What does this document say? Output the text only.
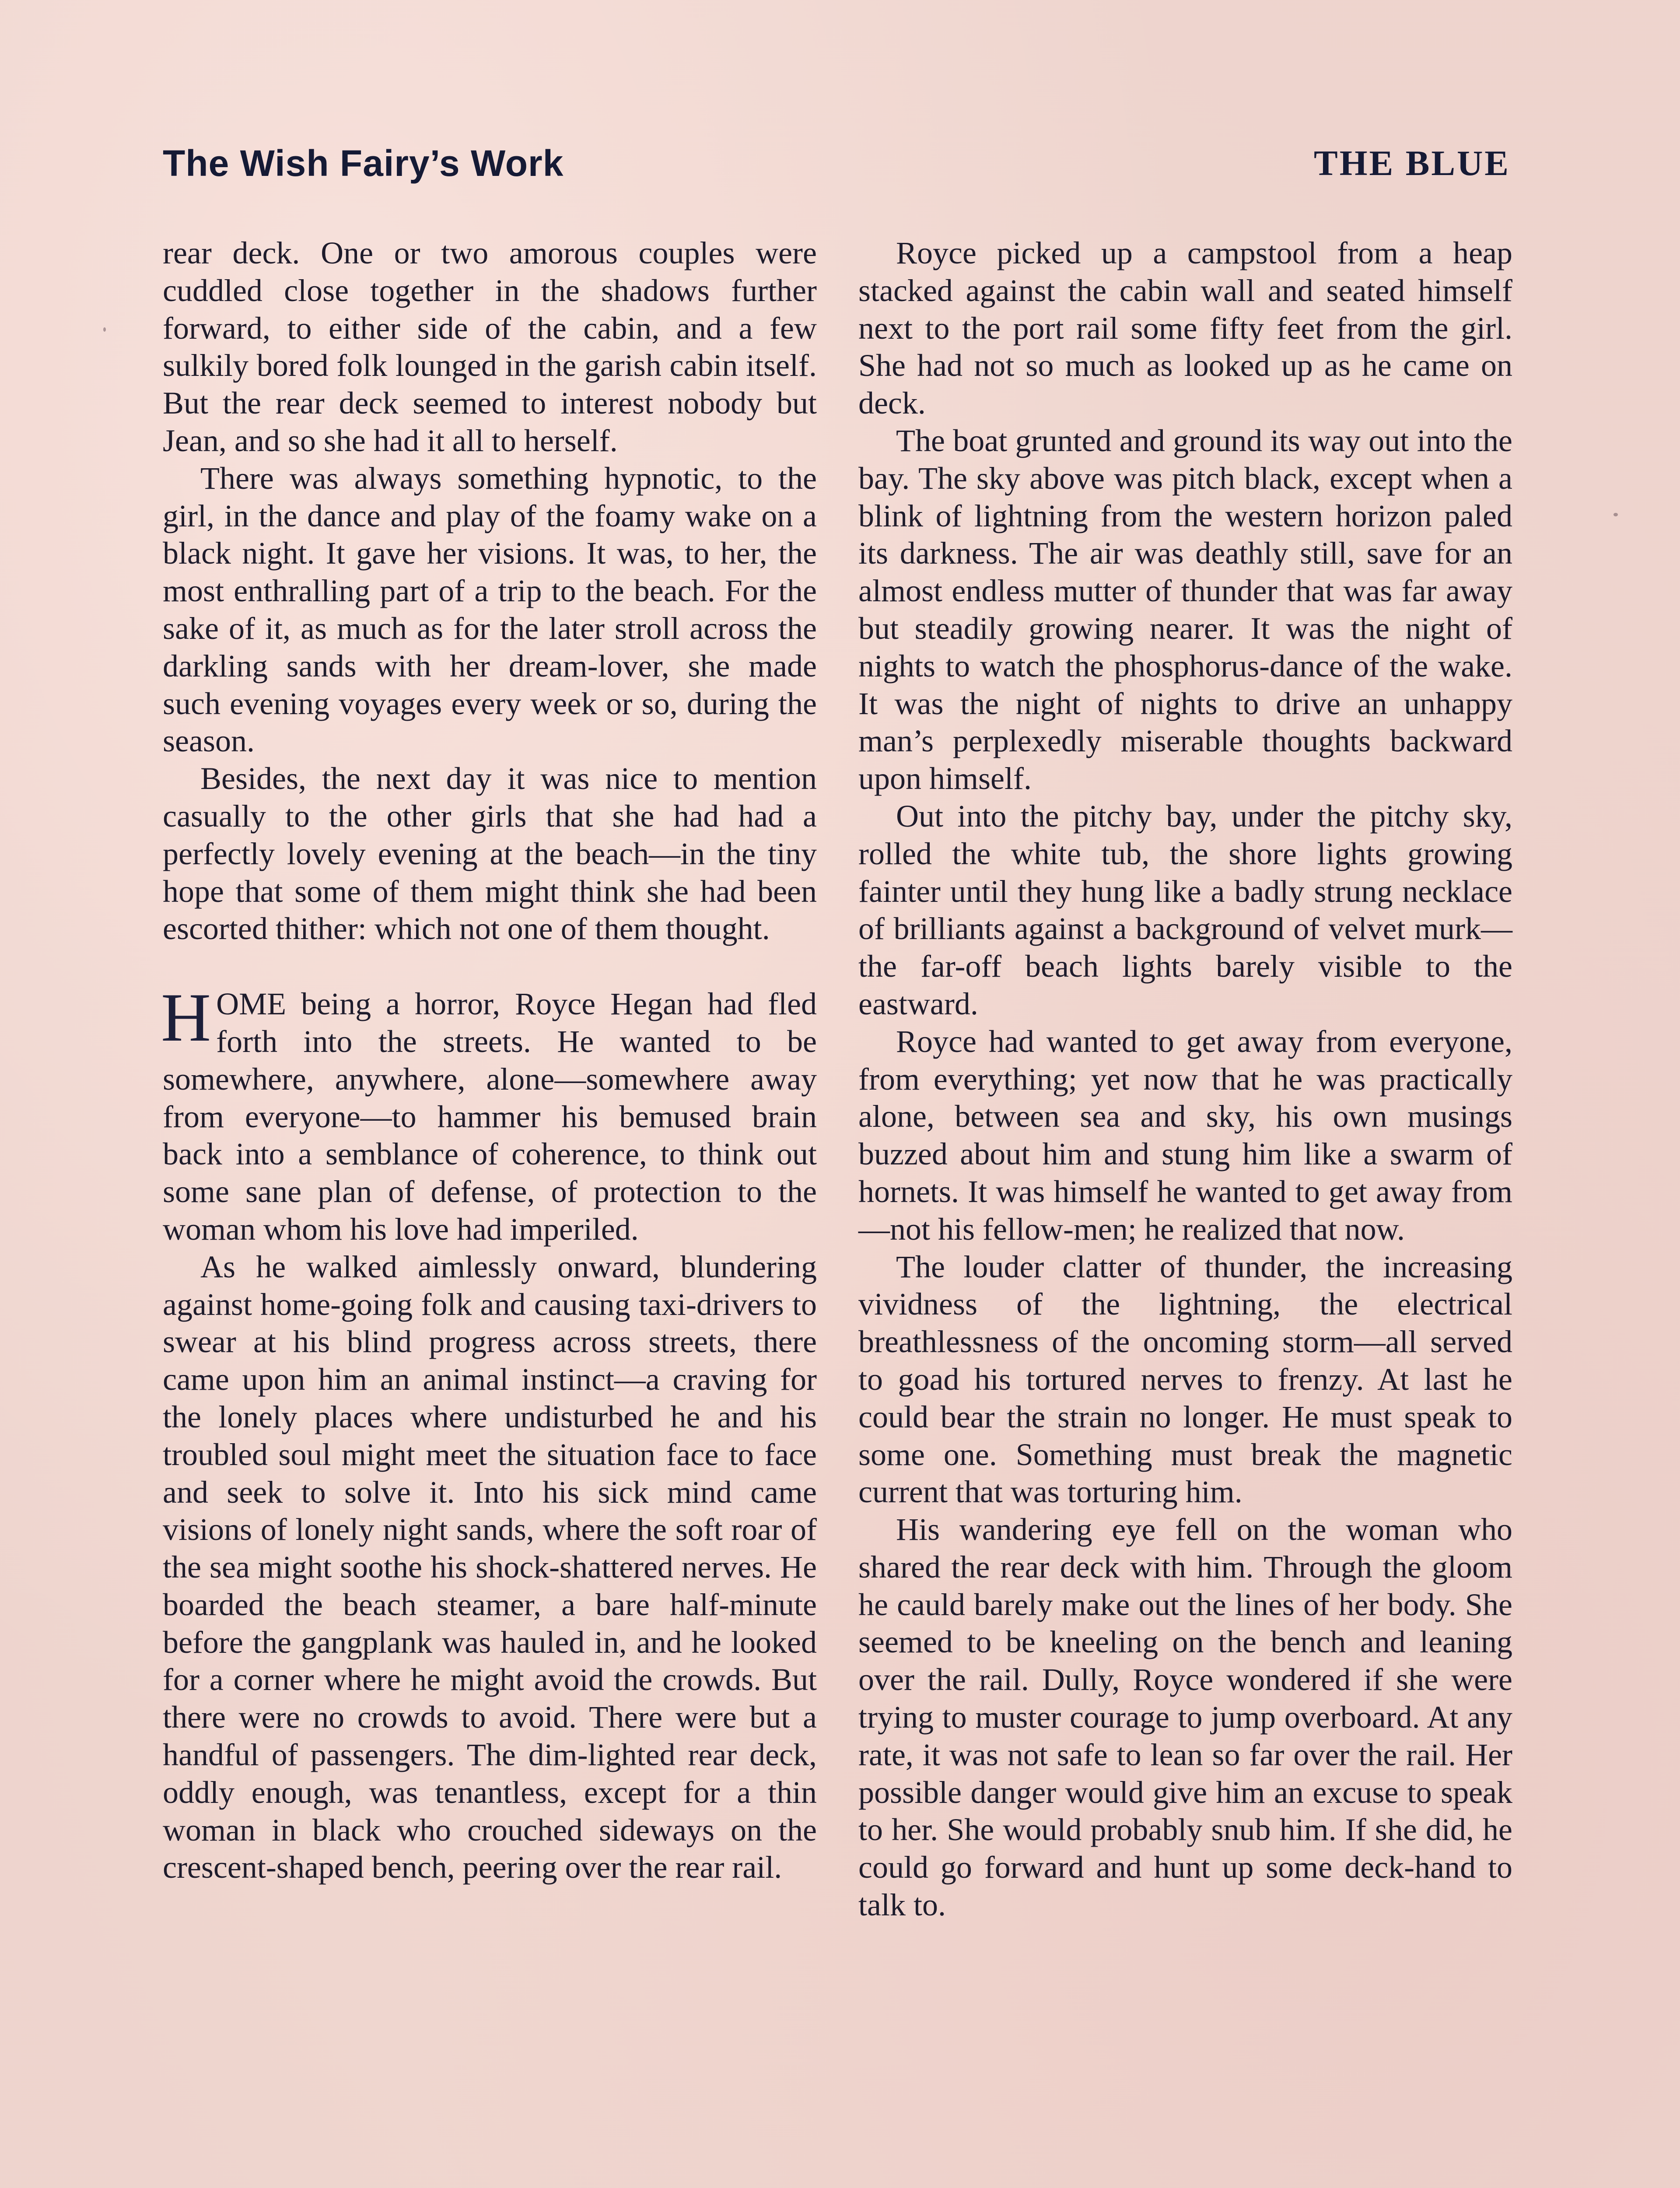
The Wish Fairy’s Work	THE BLUE

rear deck. One or two amorous couples were cuddled close together in the shadows further forward, to either side of the cabin, and a few sulkily bored folk lounged in the garish cabin itself. But the rear deck seemed to interest nobody but Jean, and so she had it all to herself.

There was always something hypnotic, to the girl, in the dance and play of the foamy wake on a black night. It gave her visions. It was, to her, the most enthralling part of a trip to the beach. For the sake of it, as much as for the later stroll across the darkling sands with her dream-lover, she made such evening voyages every week or so, during the season.

Besides, the next day it was nice to mention casually to the other girls that she had had a perfectly lovely evening at the beach—in the tiny hope that some of them might think she had been escorted thither: which not one of them thought.

HOME being a horror, Royce Hegan had fled forth into the streets. He wanted to be somewhere, anywhere, alone—somewhere away from everyone—to hammer his bemused brain back into a semblance of coherence, to think out some sane plan of defense, of protection to the woman whom his love had imperiled.

As he walked aimlessly onward, blundering against home-going folk and causing taxi-drivers to swear at his blind progress across streets, there came upon him an animal instinct—a craving for the lonely places where undisturbed he and his troubled soul might meet the situation face to face and seek to solve it. Into his sick mind came visions of lonely night sands, where the soft roar of the sea might soothe his shock-shattered nerves. He boarded the beach steamer, a bare half-minute before the gangplank was hauled in, and he looked for a corner where he might avoid the crowds. But there were no crowds to avoid. There were but a handful of passengers. The dim-lighted rear deck, oddly enough, was tenantless, except for a thin woman in black who crouched sideways on the crescent-shaped bench, peering over the rear rail.

Royce picked up a campstool from a heap stacked against the cabin wall and seated himself next to the port rail some fifty feet from the girl. She had not so much as looked up as he came on deck.

The boat grunted and ground its way out into the bay. The sky above was pitch black, except when a blink of lightning from the western horizon paled its darkness. The air was deathly still, save for an almost endless mutter of thunder that was far away but steadily growing nearer. It was the night of nights to watch the phosphorus-dance of the wake. It was the night of nights to drive an unhappy man’s perplexedly miserable thoughts backward upon himself.

Out into the pitchy bay, under the pitchy sky, rolled the white tub, the shore lights growing fainter until they hung like a badly strung necklace of brilliants against a background of velvet murk—the far-off beach lights barely visible to the eastward.

Royce had wanted to get away from everyone, from everything; yet now that he was practically alone, between sea and sky, his own musings buzzed about him and stung him like a swarm of hornets. It was himself he wanted to get away from—not his fellow-men; he realized that now.

The louder clatter of thunder, the increasing vividness of the lightning, the electrical breathlessness of the oncoming storm—all served to goad his tortured nerves to frenzy. At last he could bear the strain no longer. He must speak to some one. Something must break the magnetic current that was torturing him.

His wandering eye fell on the woman who shared the rear deck with him. Through the gloom he cauld barely make out the lines of her body. She seemed to be kneeling on the bench and leaning over the rail. Dully, Royce wondered if she were trying to muster courage to jump overboard. At any rate, it was not safe to lean so far over the rail. Her possible danger would give him an excuse to speak to her. She would probably snub him. If she did, he could go forward and hunt up some deck-hand to talk to.
